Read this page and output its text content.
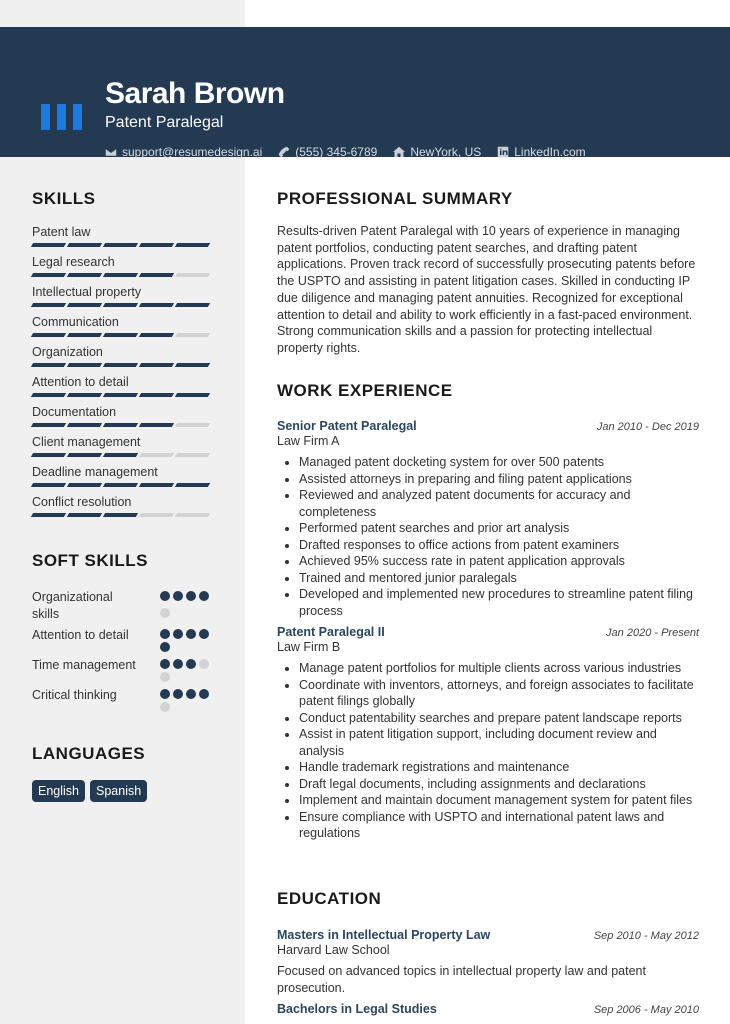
Sarah Brown
Patent Paralegal
support@resumedesign.ai	(555) 345-6789	NewYork, US	LinkedIn.com
SKILLS
Patent law
Legal research
Intellectual property
Communication
Organization
Attention to detail
Documentation
Client management
Deadline management
Conflict resolution
SOFT SKILLS
Organizational skills
Attention to detail
Time management
Critical thinking
LANGUAGES
English	Spanish
PROFESSIONAL SUMMARY

Results-driven Patent Paralegal with 10 years of experience in managing patent portfolios, conducting patent searches, and drafting patent applications. Proven track record of successfully prosecuting patents before the USPTO and assisting in patent litigation cases. Skilled in conducting IP due diligence and managing patent annuities. Recognized for exceptional attention to detail and ability to work efficiently in a fast-paced environment. Strong communication skills and a passion for protecting intellectual property rights.

WORK EXPERIENCE
Senior Patent Paralegal	Jan 2010 - Dec 2019
Law Firm A
• Managed patent docketing system for over 500 patents
• Assisted attorneys in preparing and filing patent applications
• Reviewed and analyzed patent documents for accuracy and completeness
• Performed patent searches and prior art analysis
• Drafted responses to office actions from patent examiners
• Achieved 95% success rate in patent application approvals
• Trained and mentored junior paralegals
• Developed and implemented new procedures to streamline patent filing process
Patent Paralegal II	Jan 2020 - Present
Law Firm B
• Manage patent portfolios for multiple clients across various industries
• Coordinate with inventors, attorneys, and foreign associates to facilitate patent filings globally
• Conduct patentability searches and prepare patent landscape reports
• Assist in patent litigation support, including document review and analysis
• Handle trademark registrations and maintenance
• Draft legal documents, including assignments and declarations
• Implement and maintain document management system for patent files
• Ensure compliance with USPTO and international patent laws and regulations
EDUCATION
Masters in Intellectual Property Law	Sep 2010 - May 2012
Harvard Law School

Focused on advanced topics in intellectual property law and patent prosecution.

Bachelors in Legal Studies	Sep 2006 - May 2010
